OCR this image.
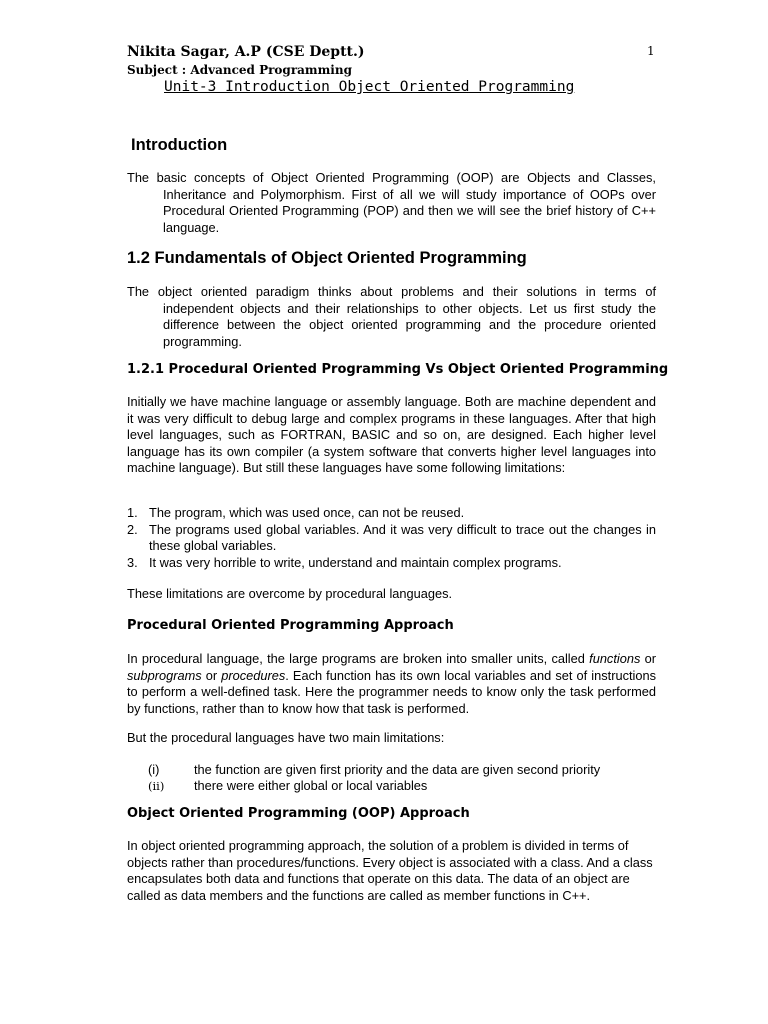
Nikita Sagar, A.P (CSE Deptt.)	1
Subject : Advanced Programming
Unit-3 Introduction Object Oriented Programming
Introduction

The basic concepts of Object Oriented Programming (OOP) are Objects and Classes, Inheritance and Polymorphism. First of all we will study importance of OOPs over Procedural Oriented Programming (POP) and then we will see the brief history of C++ language.

1.2 Fundamentals of Object Oriented Programming

The object oriented paradigm thinks about problems and their solutions in terms of independent objects and their relationships to other objects. Let us first study the difference between the object oriented programming and the procedure oriented programming.

1.2.1 Procedural Oriented Programming Vs Object Oriented Programming

Initially we have machine language or assembly language. Both are machine dependent and it was very difficult to debug large and complex programs in these languages. After that high level languages, such as FORTRAN, BASIC and so on, are designed. Each higher level language has its own compiler (a system software that converts higher level languages into machine language). But still these languages have some following limitations:

1. The program, which was used once, can not be reused.
2. The programs used global variables. And it was very difficult to trace out the changes in these global variables.
3. It was very horrible to write, understand and maintain complex programs.

These limitations are overcome by procedural languages.

Procedural Oriented Programming Approach

In procedural language, the large programs are broken into smaller units, called functions or subprograms or procedures. Each function has its own local variables and set of instructions to perform a well-defined task. Here the programmer needs to know only the task performed by functions, rather than to know how that task is performed.

But the procedural languages have two main limitations:

(i)	the function are given first priority and the data are given second priority
(ii) there were either global or local variables
Object Oriented Programming (OOP) Approach

In object oriented programming approach, the solution of a problem is divided in terms of objects rather than procedures/functions. Every object is associated with a class. And a class encapsulates both data and functions that operate on this data. The data of an object are called as data members and the functions are called as member functions in C++.
